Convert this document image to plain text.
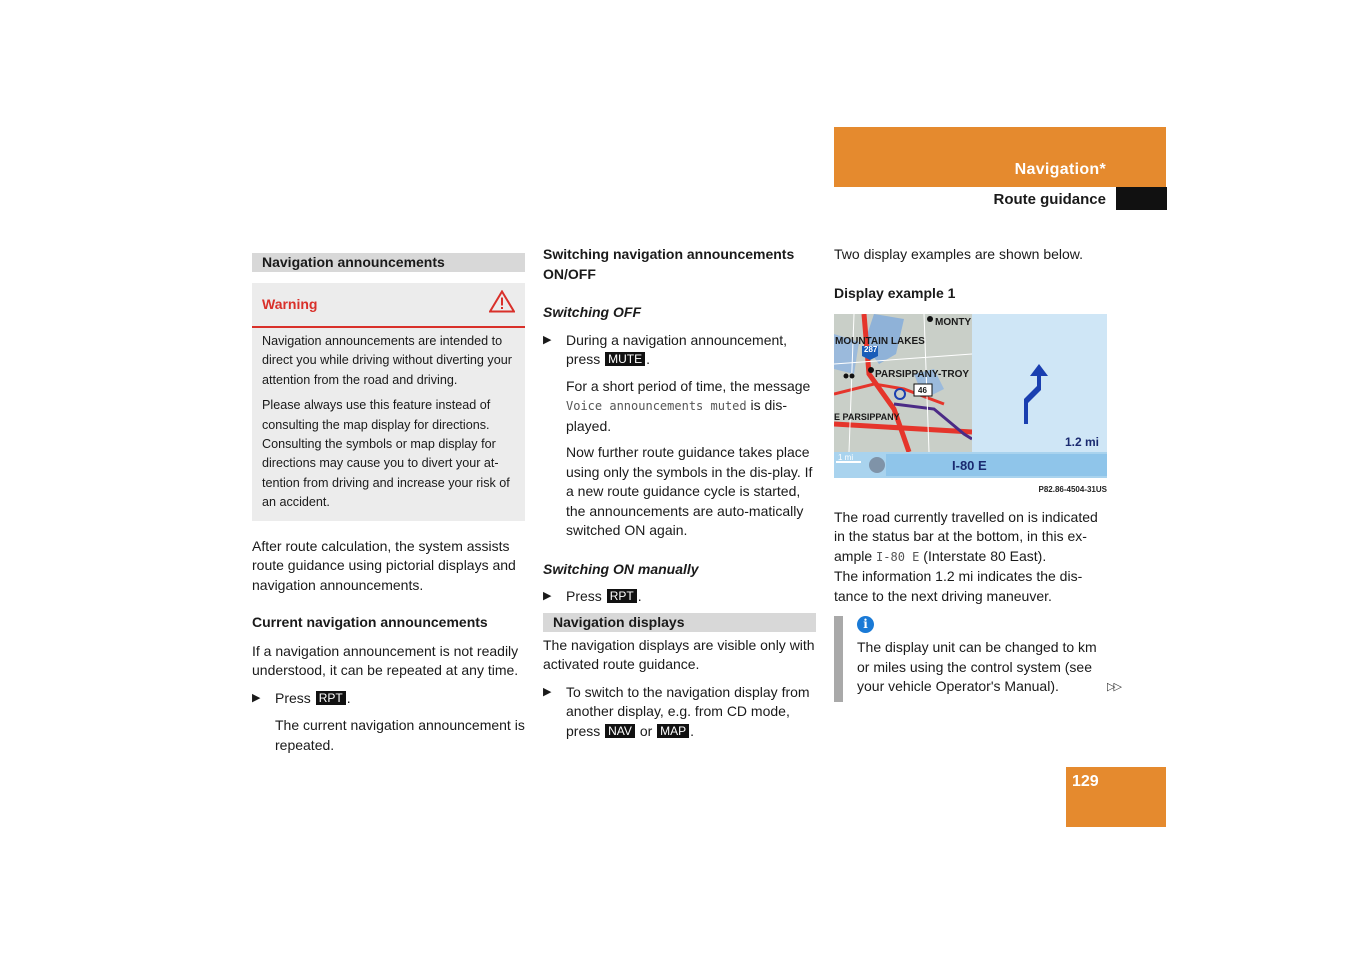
Navigation*
Route guidance
Navigation announcements
Warning

Navigation announcements are intended to direct you while driving without diverting your attention from the road and driving.

Please always use this feature instead of consulting the map display for directions. Consulting the symbols or map display for directions may cause you to divert your at-tention from driving and increase your risk of an accident.

After route calculation, the system assists route guidance using pictorial displays and navigation announcements.

Current navigation announcements

If a navigation announcement is not readily understood, it can be repeated at any time.

▶ Press RPT .

The current navigation announcement is repeated.

Switching navigation announcements ON/OFF

Switching OFF

▶ During a navigation announcement, press MUTE .

For a short period of time, the message Voice announcements muted is dis-played.

Now further route guidance takes place using only the symbols in the dis-play. If a new route guidance cycle is started, the announcements are auto-matically switched ON again.

Switching ON manually

▶ Press RPT .
Navigation displays

The navigation displays are visible only with activated route guidance.

▶ To switch to the navigation display from another display, e.g. from CD mode, press NAV or MAP .

Two display examples are shown below.

Display example 1

MONTY
MOUNTAIN LAKES
PARSIPPANY-TROY
E PARSIPPANY
287
46
1.2 mi
1 mi
I-80 E

P82.86-4504-31US

The road currently travelled on is indicated in the status bar at the bottom, in this ex-ample I-80 E (Interstate 80 East).

The information 1.2 mi indicates the dis-tance to the next driving maneuver.

i

The display unit can be changed to km or miles using the control system (see your vehicle Operator's Manual).	▷▷
129
